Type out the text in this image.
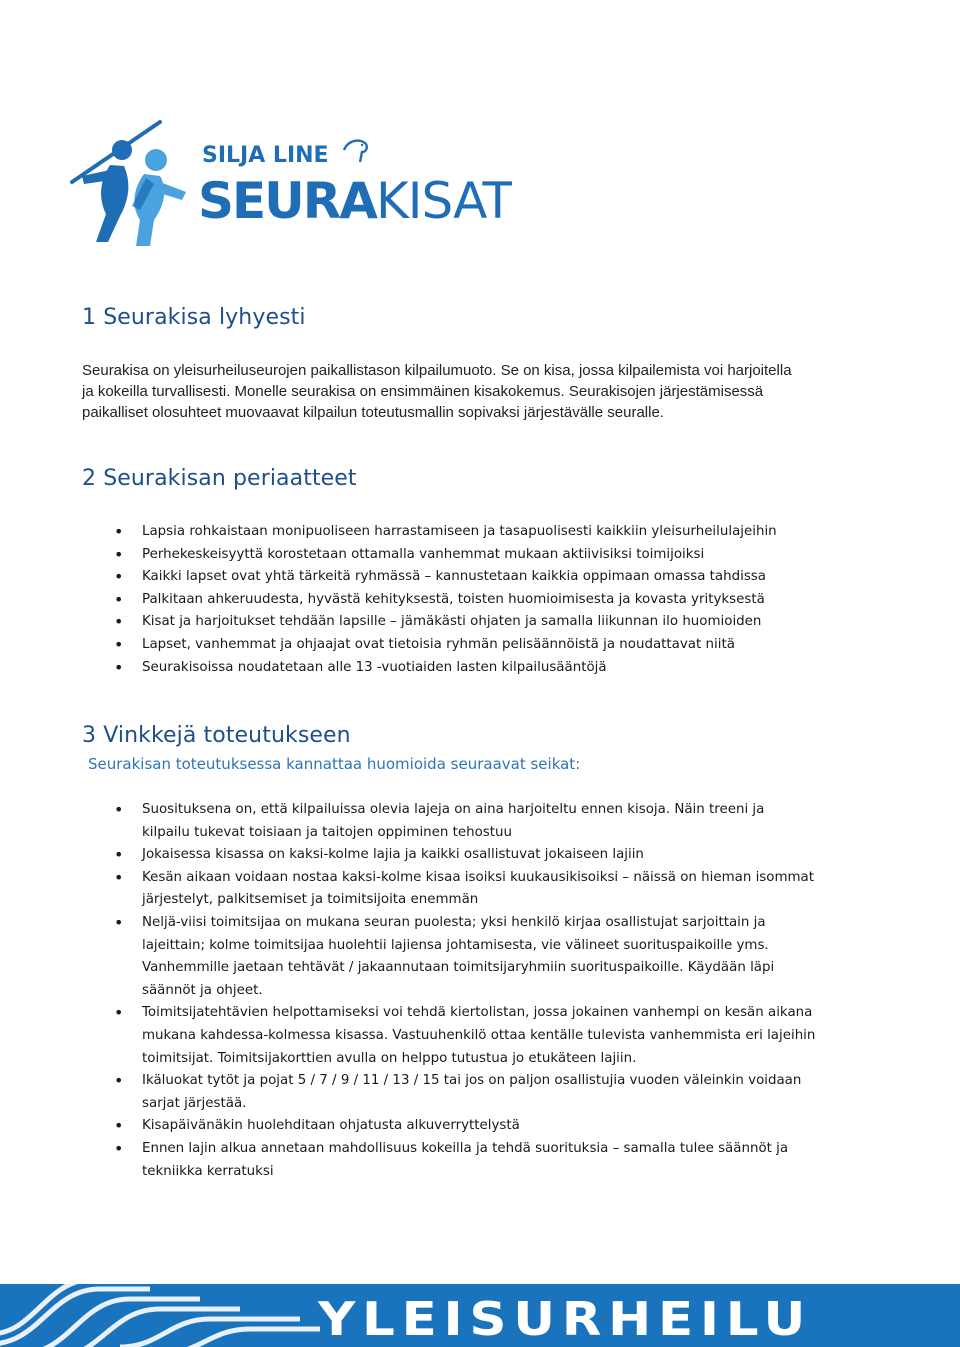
SILJA LINE
SEURAKISAT
1 Seurakisa lyhyesti
Seurakisa on yleisurheiluseurojen paikallistason kilpailumuoto. Se on kisa, jossa kilpailemista voi harjoitella
ja kokeilla turvallisesti. Monelle seurakisa on ensimmäinen kisakokemus. Seurakisojen järjestämisessä
paikalliset olosuhteet muovaavat kilpailun toteutusmallin sopivaksi järjestävälle seuralle.
2 Seurakisan periaatteet
• Lapsia rohkaistaan monipuoliseen harrastamiseen ja tasapuolisesti kaikkiin yleisurheilulajeihin
• Perhekeskeisyyttä korostetaan ottamalla vanhemmat mukaan aktiivisiksi toimijoiksi
• Kaikki lapset ovat yhtä tärkeitä ryhmässä – kannustetaan kaikkia oppimaan omassa tahdissa
• Palkitaan ahkeruudesta, hyvästä kehityksestä, toisten huomioimisesta ja kovasta yrityksestä
• Kisat ja harjoitukset tehdään lapsille – jämäkästi ohjaten ja samalla liikunnan ilo huomioiden
• Lapset, vanhemmat ja ohjaajat ovat tietoisia ryhmän pelisäännöistä ja noudattavat niitä
• Seurakisoissa noudatetaan alle 13 -vuotiaiden lasten kilpailusääntöjä
3 Vinkkejä toteutukseen
Seurakisan toteutuksessa kannattaa huomioida seuraavat seikat:
• Suosituksena on, että kilpailuissa olevia lajeja on aina harjoiteltu ennen kisoja. Näin treeni ja
kilpailu tukevat toisiaan ja taitojen oppiminen tehostuu
• Jokaisessa kisassa on kaksi-kolme lajia ja kaikki osallistuvat jokaiseen lajiin
• Kesän aikaan voidaan nostaa kaksi-kolme kisaa isoiksi kuukausikisoiksi – näissä on hieman isommat
järjestelyt, palkitsemiset ja toimitsijoita enemmän
• Neljä-viisi toimitsijaa on mukana seuran puolesta; yksi henkilö kirjaa osallistujat sarjoittain ja
lajeittain; kolme toimitsijaa huolehtii lajiensa johtamisesta, vie välineet suorituspaikoille yms.
Vanhemmille jaetaan tehtävät / jakaannutaan toimitsijaryhmiin suorituspaikoille. Käydään läpi
säännöt ja ohjeet.
• Toimitsijatehtävien helpottamiseksi voi tehdä kiertolistan, jossa jokainen vanhempi on kesän aikana
mukana kahdessa-kolmessa kisassa. Vastuuhenkilö ottaa kentälle tulevista vanhemmista eri lajeihin
toimitsijat. Toimitsijakorttien avulla on helppo tutustua jo etukäteen lajiin.
• Ikäluokat tytöt ja pojat 5 / 7 / 9 / 11 / 13 / 15 tai jos on paljon osallistujia vuoden väleinkin voidaan
sarjat järjestää.
• Kisapäivänäkin huolehditaan ohjatusta alkuverryttelystä
• Ennen lajin alkua annetaan mahdollisuus kokeilla ja tehdä suorituksia – samalla tulee säännöt ja
tekniikka kerratuksi
YLEISURHEILU
